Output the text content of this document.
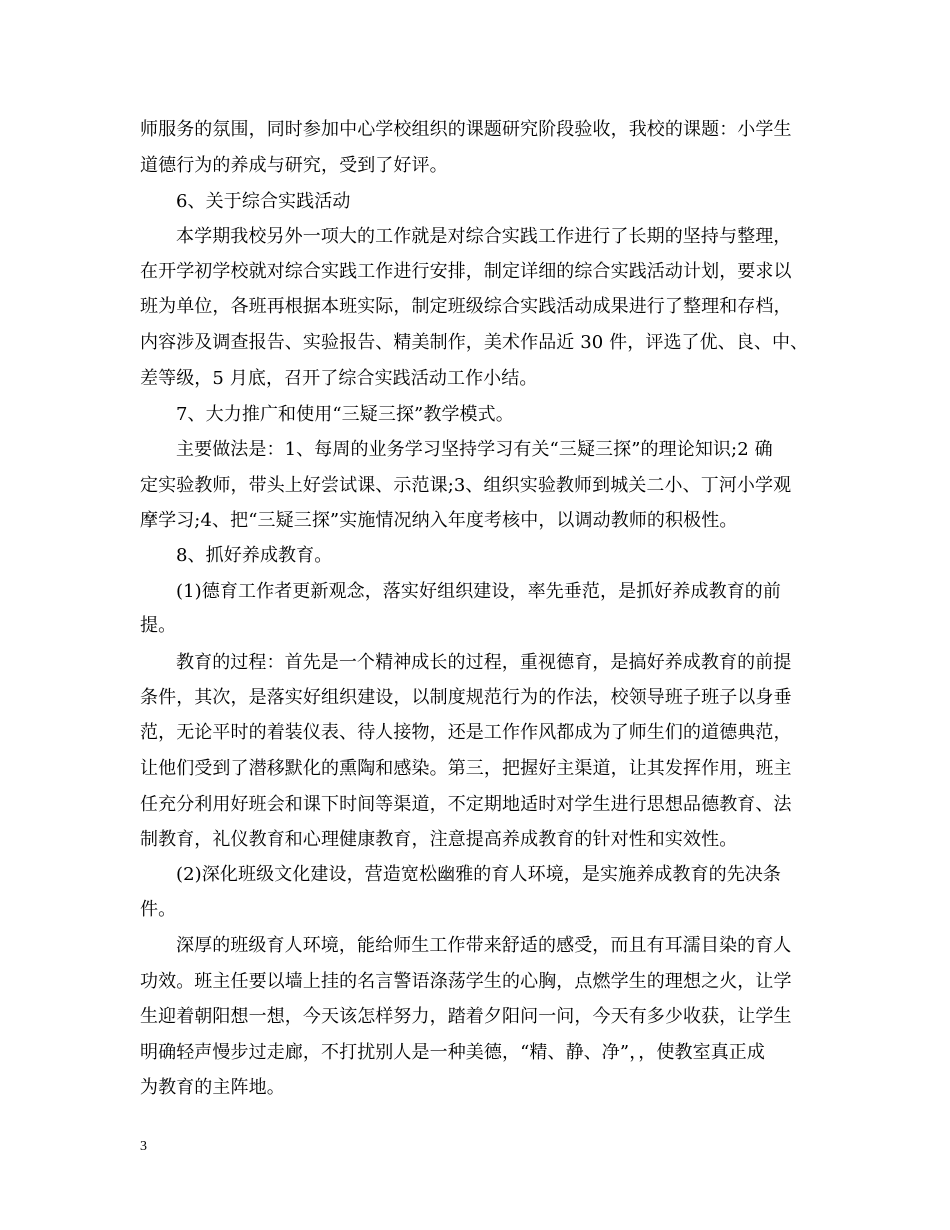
师服务的氛围，同时参加中心学校组织的课题研究阶段验收，我校的课题：小学生
道德行为的养成与研究，受到了好评。
6、关于综合实践活动
本学期我校另外一项大的工作就是对综合实践工作进行了长期的坚持与整理，
在开学初学校就对综合实践工作进行安排，制定详细的综合实践活动计划，要求以
班为单位，各班再根据本班实际，制定班级综合实践活动成果进行了整理和存档，
内容涉及调查报告、实验报告、精美制作，美术作品近 30 件，评选了优、良、中、
差等级，5 月底，召开了综合实践活动工作小结。
7、大力推广和使用“三疑三探”教学模式。
主要做法是：1、每周的业务学习坚持学习有关“三疑三探”的理论知识;2 确
定实验教师，带头上好尝试课、示范课;3、组织实验教师到城关二小、丁河小学观
摩学习;4、把“三疑三探”实施情况纳入年度考核中，以调动教师的积极性。
8、抓好养成教育。
(1)德育工作者更新观念，落实好组织建设，率先垂范，是抓好养成教育的前
提。
教育的过程：首先是一个精神成长的过程，重视德育，是搞好养成教育的前提
条件，其次，是落实好组织建设，以制度规范行为的作法，校领导班子班子以身垂
范，无论平时的着装仪表、待人接物，还是工作作风都成为了师生们的道德典范，
让他们受到了潜移默化的熏陶和感染。第三，把握好主渠道，让其发挥作用，班主
任充分利用好班会和课下时间等渠道，不定期地适时对学生进行思想品德教育、法
制教育，礼仪教育和心理健康教育，注意提高养成教育的针对性和实效性。
(2)深化班级文化建设，营造宽松幽雅的育人环境，是实施养成教育的先决条
件。
深厚的班级育人环境，能给师生工作带来舒适的感受，而且有耳濡目染的育人
功效。班主任要以墙上挂的名言警语涤荡学生的心胸，点燃学生的理想之火，让学
生迎着朝阳想一想，今天该怎样努力，踏着夕阳问一问，今天有多少收获，让学生
明确轻声慢步过走廊，不打扰别人是一种美德，“精、静、净”，，使教室真正成
为教育的主阵地。
3
